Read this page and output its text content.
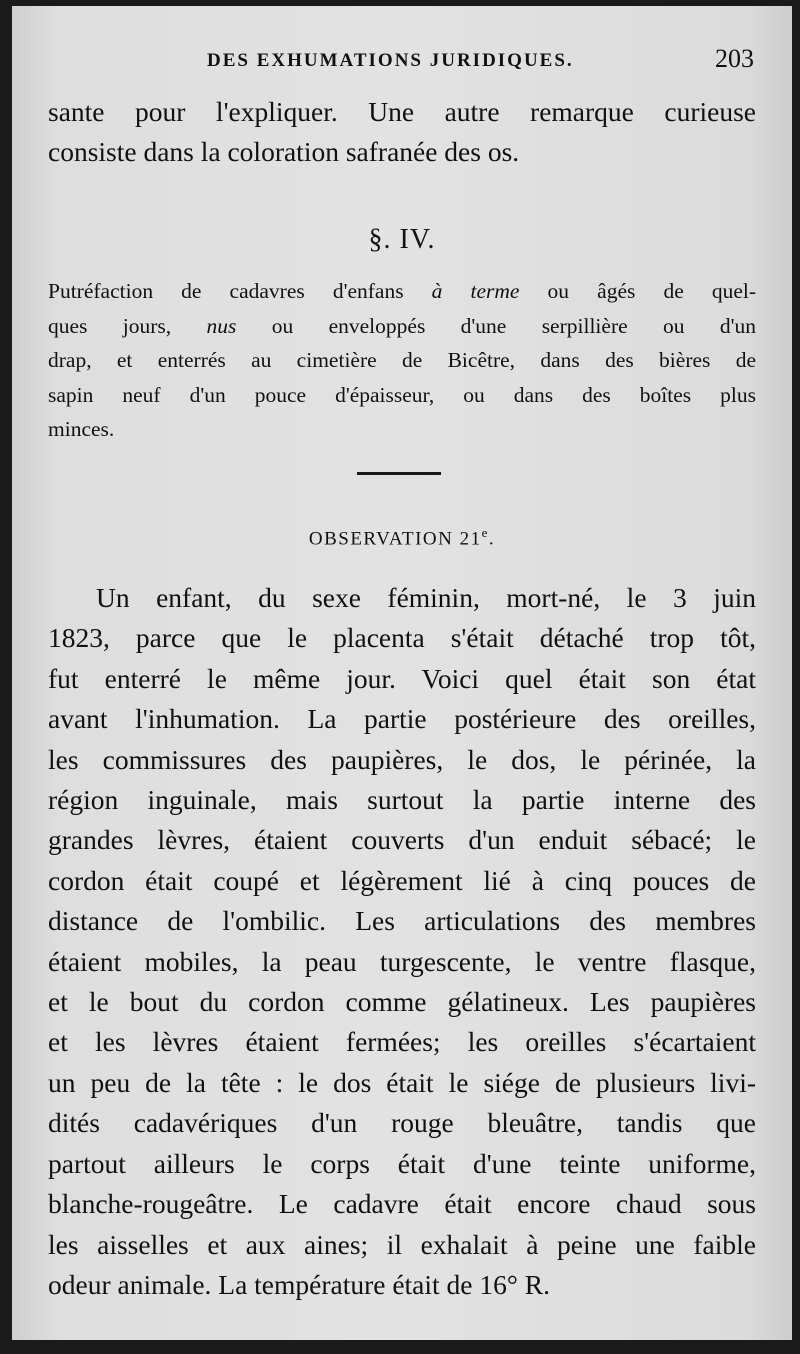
DES EXHUMATIONS JURIDIQUES.	203
sante pour l'expliquer. Une autre remarque curieuse
consiste dans la coloration safranée des os.
§. IV.
Putréfaction de cadavres d'enfans à terme ou âgés de quel-
ques jours, nus ou enveloppés d'une serpillière ou d'un
drap, et enterrés au cimetière de Bicêtre, dans des bières de
sapin neuf d'un pouce d'épaisseur, ou dans des boîtes plus
minces.
OBSERVATION 21e.
Un enfant, du sexe féminin, mort-né, le 3 juin
1823, parce que le placenta s'était détaché trop tôt,
fut enterré le même jour. Voici quel était son état
avant l'inhumation. La partie postérieure des oreilles,
les commissures des paupières, le dos, le périnée, la
région inguinale, mais surtout la partie interne des
grandes lèvres, étaient couverts d'un enduit sébacé; le
cordon était coupé et légèrement lié à cinq pouces de
distance de l'ombilic. Les articulations des membres
étaient mobiles, la peau turgescente, le ventre flasque,
et le bout du cordon comme gélatineux. Les paupières
et les lèvres étaient fermées; les oreilles s'écartaient
un peu de la tête : le dos était le siége de plusieurs livi-
dités cadavériques d'un rouge bleuâtre, tandis que
partout ailleurs le corps était d'une teinte uniforme,
blanche-rougeâtre. Le cadavre était encore chaud sous
les aisselles et aux aines; il exhalait à peine une faible
odeur animale. La température était de 16° R.
